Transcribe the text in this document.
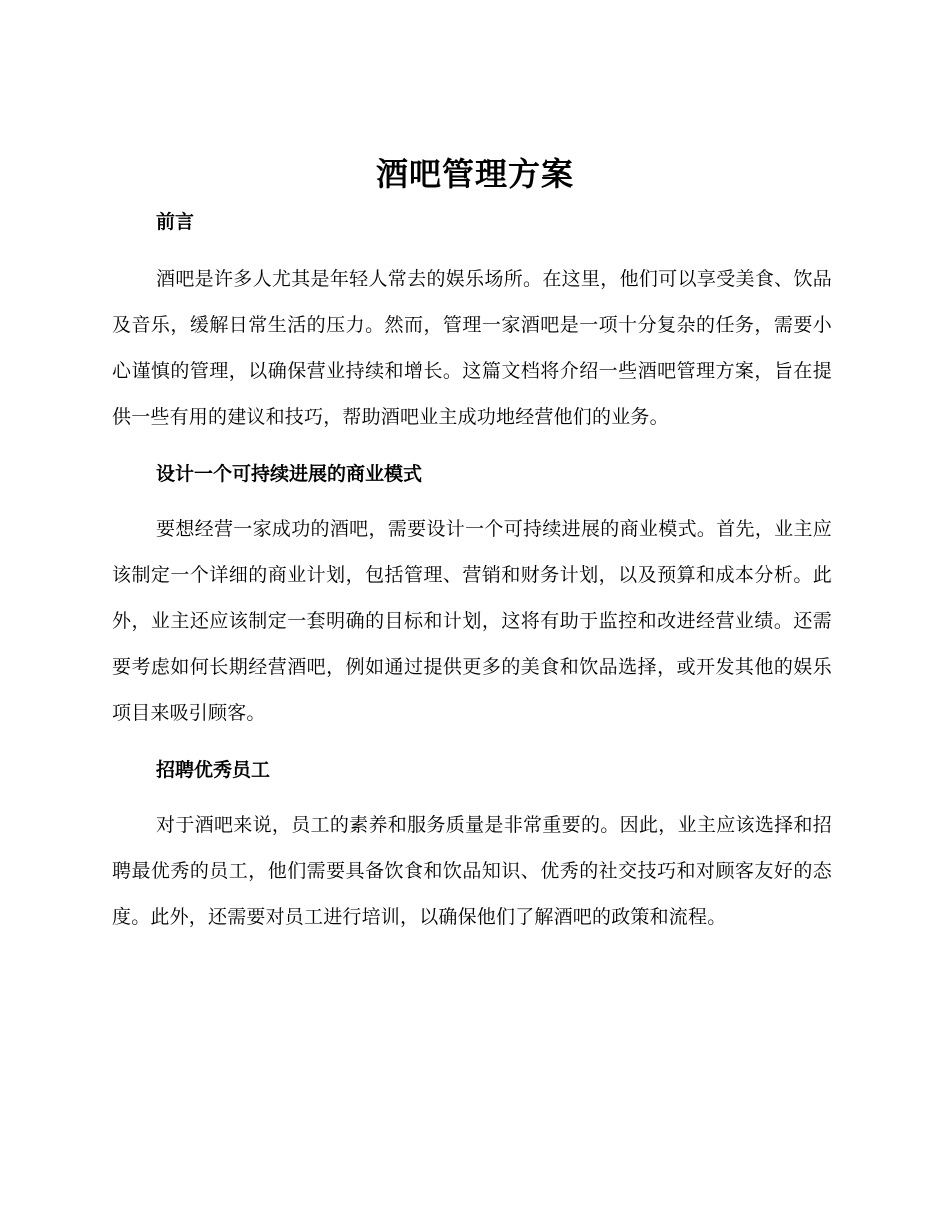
酒吧管理方案
前言

酒吧是许多人尤其是年轻人常去的娱乐场所。在这里，他们可以享受美食、饮品及音乐，缓解日常生活的压力。然而，管理一家酒吧是一项十分复杂的任务，需要小心谨慎的管理，以确保营业持续和增长。这篇文档将介绍一些酒吧管理方案，旨在提供一些有用的建议和技巧，帮助酒吧业主成功地经营他们的业务。

设计一个可持续进展的商业模式

要想经营一家成功的酒吧，需要设计一个可持续进展的商业模式。首先，业主应该制定一个详细的商业计划，包括管理、营销和财务计划，以及预算和成本分析。此外，业主还应该制定一套明确的目标和计划，这将有助于监控和改进经营业绩。还需要考虑如何长期经营酒吧，例如通过提供更多的美食和饮品选择，或开发其他的娱乐项目来吸引顾客。

招聘优秀员工

对于酒吧来说，员工的素养和服务质量是非常重要的。因此，业主应该选择和招聘最优秀的员工，他们需要具备饮食和饮品知识、优秀的社交技巧和对顾客友好的态度。此外，还需要对员工进行培训，以确保他们了解酒吧的政策和流程。
